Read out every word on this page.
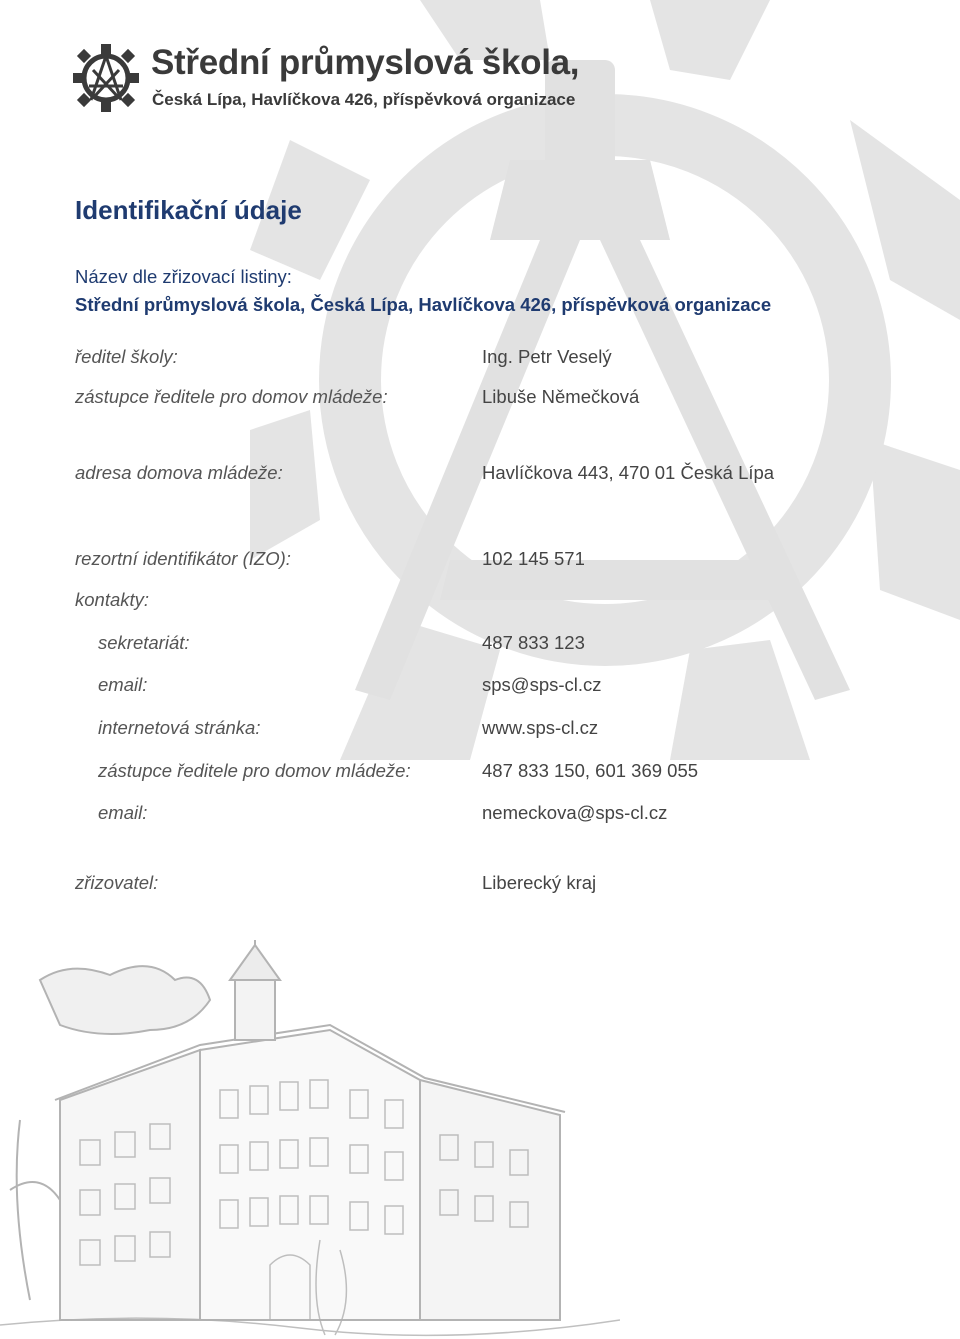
Střední průmyslová škola,

Česká Lípa, Havlíčkova 426, příspěvková organizace

Identifikační údaje

Název dle zřizovací listiny:

Střední průmyslová škola, Česká Lípa, Havlíčkova 426, příspěvková organizace

ředitel školy:	Ing. Petr Veselý

zástupce ředitele pro domov mládeže:	Libuše Němečková

adresa domova mládeže:	Havlíčkova 443, 470 01 Česká Lípa

rezortní identifikátor (IZO):	102 145 571

kontakty:

sekretariát:	487 833 123

email:	sps@sps-cl.cz

internetová stránka:	www.sps-cl.cz

zástupce ředitele pro domov mládeže:	487 833 150, 601 369 055

email:	nemeckova@sps-cl.cz

zřizovatel:	Liberecký kraj
